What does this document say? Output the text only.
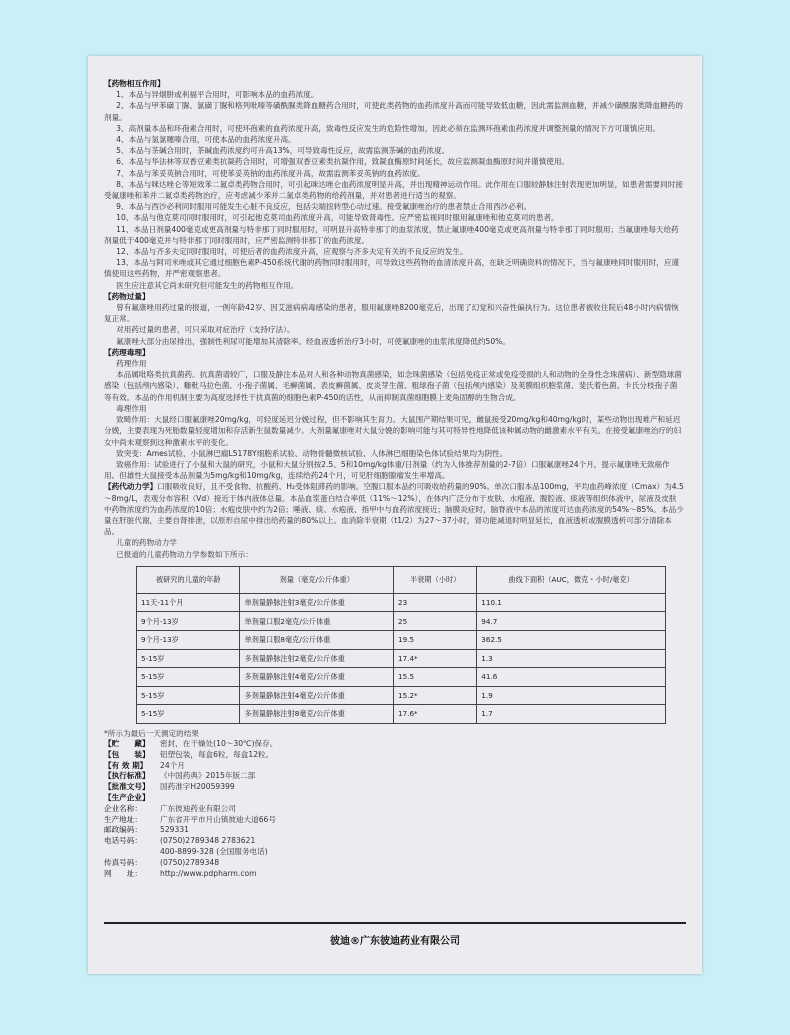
【药物相互作用】

1、本品与异烟肼或利福平合用时，可影响本品的血药浓度。

2、本品与甲苯磺丁脲、氯磺丁脲和格列吡嗪等磺酰脲类降血糖药合用时，可使此类药物的血药浓度升高而可能导致低血糖，因此需监测血糖，并减少磺酰脲类降血糖药的剂量。

3、高剂量本品和环孢素合用时，可使环孢素的血药浓度升高，致毒性反应发生的危险性增加，因此必须在监测环孢素血药浓度并调整剂量的情况下方可谨慎应用。

4、本品与氢氯噻嗪合用，可使本品的血药浓度升高。

5、本品与茶碱合用时，茶碱血药浓度约可升高13%，可导致毒性反应，故需监测茶碱的血药浓度。

6、本品与华法林等双香豆素类抗凝药合用时，可增强双香豆素类抗凝作用，致凝血酶原时间延长，故应监测凝血酶原时间并谨慎使用。

7、本品与苯妥英钠合用时，可使苯妥英钠的血药浓度升高，故需监测苯妥英钠的血药浓度。

8、本品与咪达唑仑等短效苯二氮卓类药物合用时，可引起咪达唑仑血药浓度明显升高，并出现精神运动作用。此作用在口服较静脉注射表现更加明显，如患者需要同时接受氟康唑和苯并二氮卓类药物治疗，应考虑减少苯并二氮卓类药物的给药剂量，并对患者进行适当的观察。

9、本品与西沙必利同时服用可能发生心脏不良反应，包括尖端扭转型心动过速。接受氟康唑治疗的患者禁止合用西沙必利。

10、本品与他克莫司同时服用时，可引起他克莫司血药浓度升高，可能导致肾毒性。应严密监视同时服用氟康唑和他克莫司的患者。

11、本品日剂量400毫克或更高剂量与特非那丁同时服用时，可明显升高特非那丁的血浆浓度，禁止氟康唑400毫克或更高剂量与特非那丁同时服用；当氟康唑每天给药剂量低于400毫克并与特非那丁同时服用时，应严密监测特非那丁的血药浓度。

12、本品与齐多夫定同时服用时，可使后者的血药浓度升高，应观察与齐多夫定有关的不良反应的发生。

13、本品与阿司米唑或其它通过细胞色素P-450系统代谢的药物同时服用时，可导致这些药物的血清浓度升高，在缺乏明确资料的情况下，当与氟康唑同时服用时，应谨慎使用这些药物，并严密观察患者。

医生应注意其它尚未研究但可能发生的药物相互作用。

【药物过量】

曾有氟康唑用药过量的报道，一例年龄42岁、因艾滋病病毒感染的患者，服用氟康唑8200毫克后，出现了幻觉和兴奋性偏执行为。这位患者被收住院后48小时内病情恢复正常。

对用药过量的患者，可只采取对症治疗（支持疗法）。

氟康唑大部分由尿排出，强制性利尿可能增加其清除率。经血液透析治疗3小时，可使氟康唑的血浆浓度降低约50%。

【药理毒理】

药理作用

本品属吡咯类抗真菌药。抗真菌谱较广，口服及静注本品对人和各种动物真菌感染，如念珠菌感染（包括免疫正常或免疫受损的人和动物的全身性念珠菌病）、新型隐球菌感染（包括颅内感染）、糠秕马拉色菌、小孢子菌属、毛癣菌属、表皮癣菌属、皮炎芽生菌、粗球孢子菌（包括颅内感染）及荚膜组织胞浆菌、斐氏着色菌、卡氏分枝孢子菌等有效。本品的作用机制主要为高度选择性干扰真菌的细胞色素P-450的活性，从而抑制真菌细胞膜上麦角固醇的生物合成。

毒理作用

致畸作用：大鼠经口服氟康唑20mg/kg，可轻度延迟分娩过程，但不影响其生育力。大鼠围产期结果可见，雌鼠接受20mg/kg和40mg/kg时，某些动物出现难产和延迟分娩，主要表现为死胎数量轻度增加和存活新生鼠数量减少。大剂量氟康唑对大鼠分娩的影响可能与其可特异性地降低该种属动物的雌激素水平有关。在接受氟康唑治疗的妇女中尚未观察到这种激素水平的变化。

致突变：Ames试验、小鼠淋巴瘤L5178Y细胞系试验、动物骨髓微核试验、人体淋巴细胞染色体试验结果均为阴性。

致癌作用：试验进行了小鼠和大鼠的研究，小鼠和大鼠分别按2.5、5和10mg/kg体重/日剂量（约为人体推荐剂量的2-7倍）口服氟康唑24个月，提示氟康唑无致癌作用。但雄性大鼠接受本品剂量为5mg/kg和10mg/kg，连续给药24个月，可见肝细胞腺瘤发生率增高。

【药代动力学】口服吸收良好，且不受食物、抗酸药、H₂受体阻滞药的影响。空腹口服本品约可吸收给药量的90%。单次口服本品100mg，平均血药峰浓度（Cmax）为4.5～8mg/L，表观分布容积（Vd）接近于体内液体总量。本品血浆蛋白结合率低（11%～12%），在体内广泛分布于皮肤、水疱液、腹腔液、痰液等组织体液中，尿液及皮肤中药物浓度约为血药浓度的10倍；水疱皮肤中约为2倍；唾液、痰、水疱液、指甲中与血药浓度接近；脑膜炎症时，脑脊液中本品的浓度可达血药浓度的54%～85%。本品少量在肝脏代谢，主要自肾排泄，以原形自尿中排出给药量的80%以上。血消除半衰期（t1/2）为27～37小时，肾功能减退时明显延长，血液透析或腹膜透析可部分清除本品。

儿童的药物动力学

已报道的儿童药物动力学参数如下所示：

被研究的儿童的年龄	剂量（毫克/公斤体重）	半衰期（小时）	曲线下面积（AUC，微克・小时/毫克）
11天-11个月	单剂量静脉注射3毫克/公斤体重	23	110.1
9个月-13岁	单剂量口服2毫克/公斤体重	25	94.7
9个月-13岁	单剂量口服8毫克/公斤体重	19.5	362.5
5-15岁	多剂量静脉注射2毫克/公斤体重	17.4*	1.3
5-15岁	多剂量静脉注射4毫克/公斤体重	15.5	41.6
5-15岁	多剂量静脉注射4毫克/公斤体重	15.2*	1.9
5-15岁	多剂量静脉注射8毫克/公斤体重	17.6*	1.7

*所示为最后一天测定的结果

【贮　　藏】	密封，在干燥处(10～30℃)保存。
【包　　装】	铝塑包装，每盒6粒，每盒12粒。
【有 效 期】	24个月
【执行标准】	《中国药典》2015年版二部
【批准文号】	国药准字H20059399
【生产企业】
企业名称：	广东彼迪药业有限公司
生产地址：	广东省开平市月山镇彼迪大道66号
邮政编码：	529331
电话号码：	(0750)2789348 2783621
400-8899-328 (全国服务电话)
传真号码：	(0750)2789348
网　　址：	http://www.pdpharm.com
彼迪®广东彼迪药业有限公司
